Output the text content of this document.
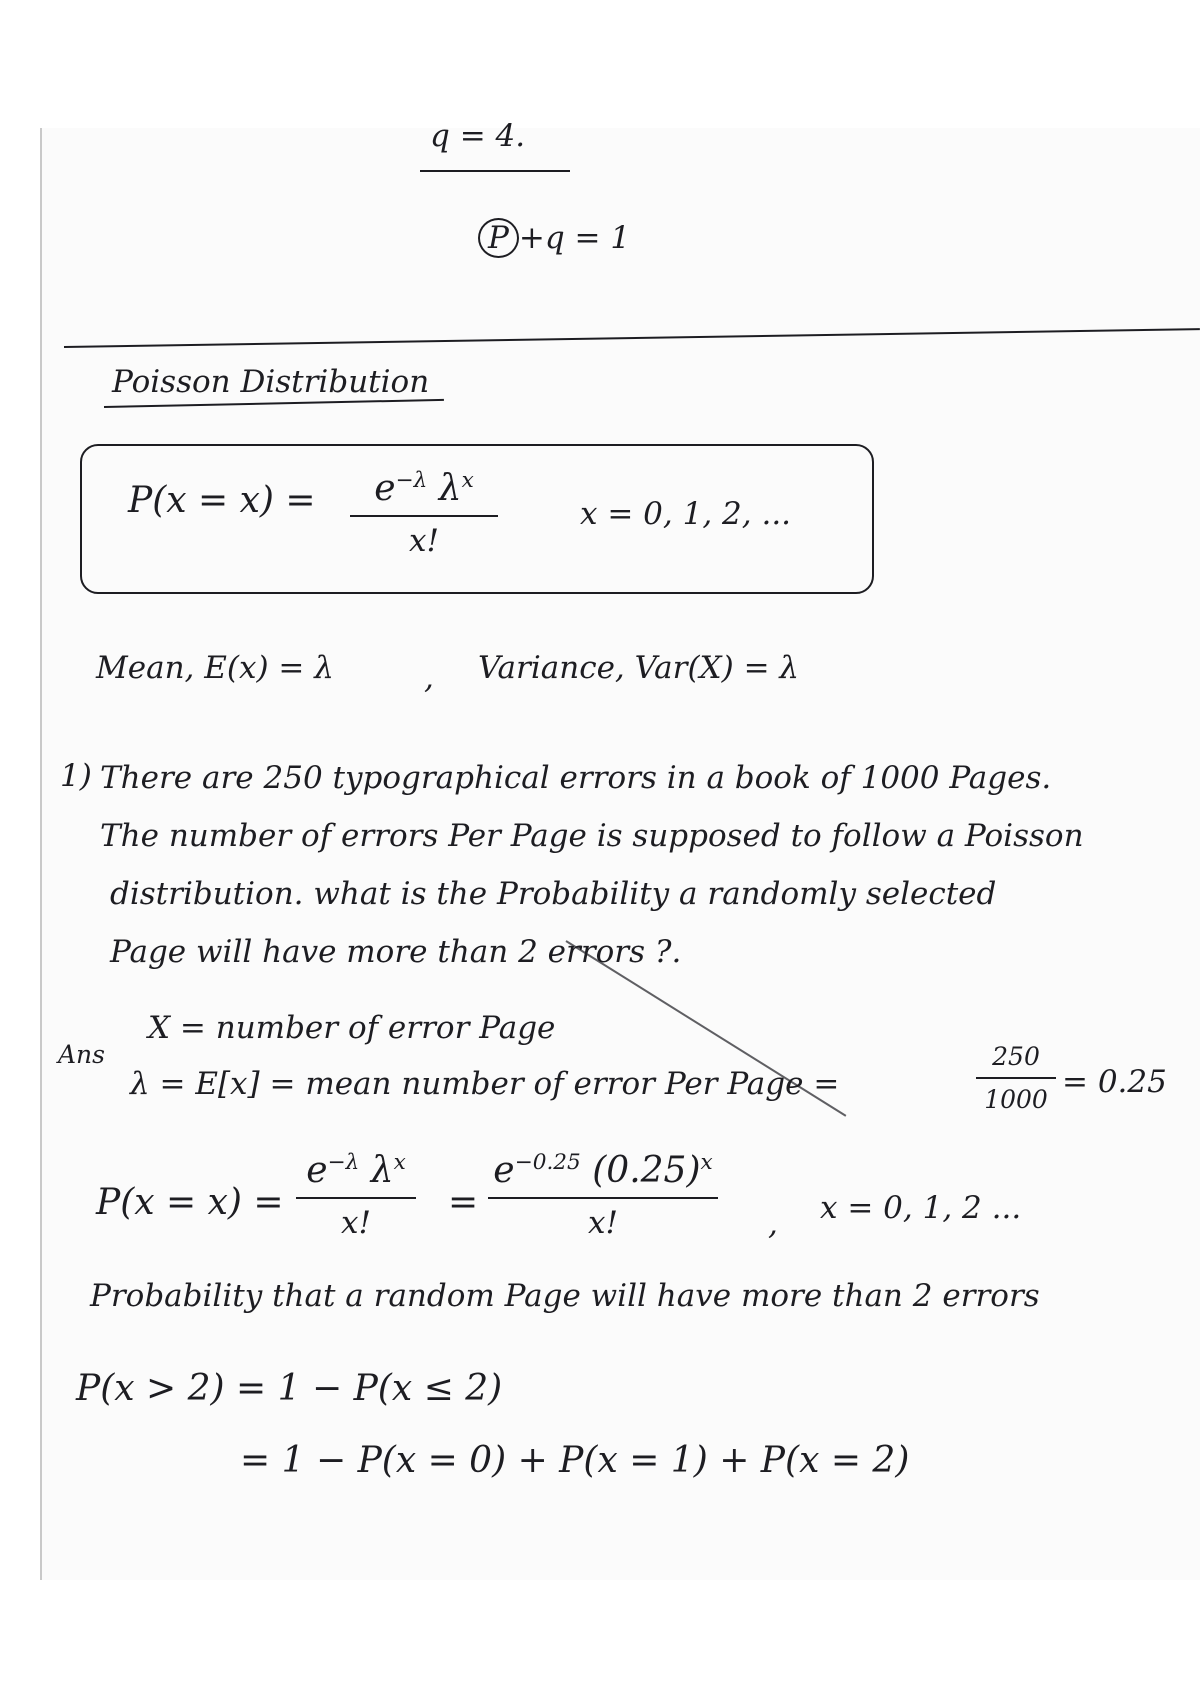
q = 4.
P +q = 1
Poisson Distribution
P(x = x) =	$e^{-\lambda}$ $\lambda^x$
x!
x = 0, 1, 2, ...
Mean, E(x) = λ	, Variance, Var(X) = λ
1) There are 250 typographical errors in a book of 1000 Pages.
The number of errors Per Page is supposed to follow a Poisson
distribution. what is the Probability a randomly selected
Page will have more than 2 errors ?.
Ans
X = number of error Page
λ = E[x] = mean number of error Per Page =
250
1000 = 0.25
P(x = x) =
$e^{-\lambda}$ $\lambda^x$
x!	=
$e^{-0.25}$ $(0.25)^x$
x!	, x = 0, 1, 2 ...
Probability that a random Page will have more than 2 errors
P(x > 2) = 1 − P(x ≤ 2)
= 1 − P(x = 0) + P(x = 1) + P(x = 2)
